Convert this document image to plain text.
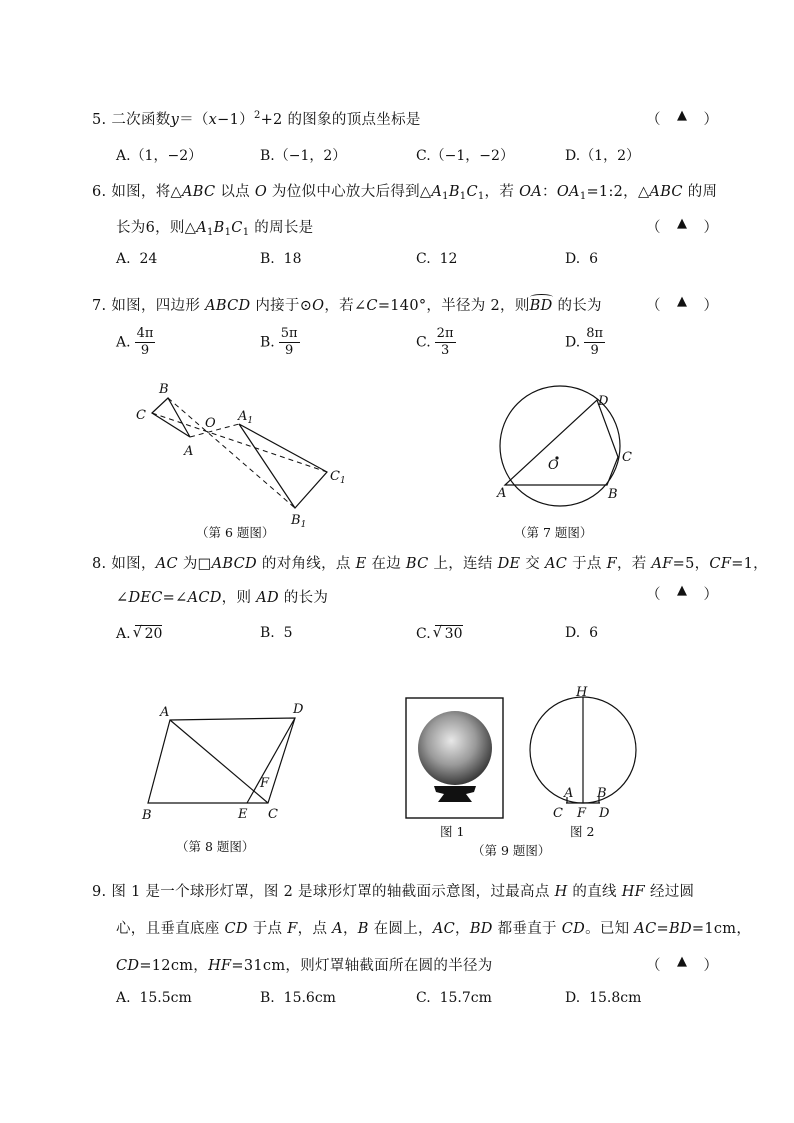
5. 二次函数$y=(x-1)^2+2$ 的图象的顶点坐标是	（ ▲ ）
A.（1，−2）	B.（−1，2）	C.（−1，−2）	D.（1，2）
6. 如图，将△ABC 以点 O 为位似中心放大后得到$\triangle A_1B_1C_1$，若 OA：$OA_1=1:2$，△ABC 的周
长为6，则$\triangle A_1B_1C_1$ 的周长是	（ ▲ ）
A. 24	B. 18	C. 12	D. 6
7. 如图，四边形 ABCD 内接于⊙O，若∠C=140°，半径为 2，则BD 的长为	（ ▲ ）
A. $\frac{4\pi}{9}$	B. $\frac{5\pi}{9}$	C. $\frac{2\pi}{3}$	D. $\frac{8\pi}{9}$
B
C
A
O $A_1$
$C_1$
$B_1$
（第 6 题图）
D
C
O
A	B
（第 7 题图）
8. 如图，AC 为□ABCD 的对角线，点 E 在边 BC 上，连结 DE 交 AC 于点 F，若 AF=5，CF=1，
∠DEC=∠ACD，则 AD 的长为	（ ▲ ）
A. √ 20	B. 5	C. √ 30	D. 6
A	D
B	E
F
C
（第 8 题图）
H
A B
C F D
图 1	图 2
（第 9 题图）
9. 图 1 是一个球形灯罩，图 2 是球形灯罩的轴截面示意图，过最高点 H 的直线 HF 经过圆
心，且垂直底座 CD 于点 F，点 A，B 在圆上，AC，BD 都垂直于 CD。已知 AC=BD=1cm，
CD=12cm，HF=31cm，则灯罩轴截面所在圆的半径为	（ ▲ ）
A. 15.5cm	B. 15.6cm	C. 15.7cm	D. 15.8cm
